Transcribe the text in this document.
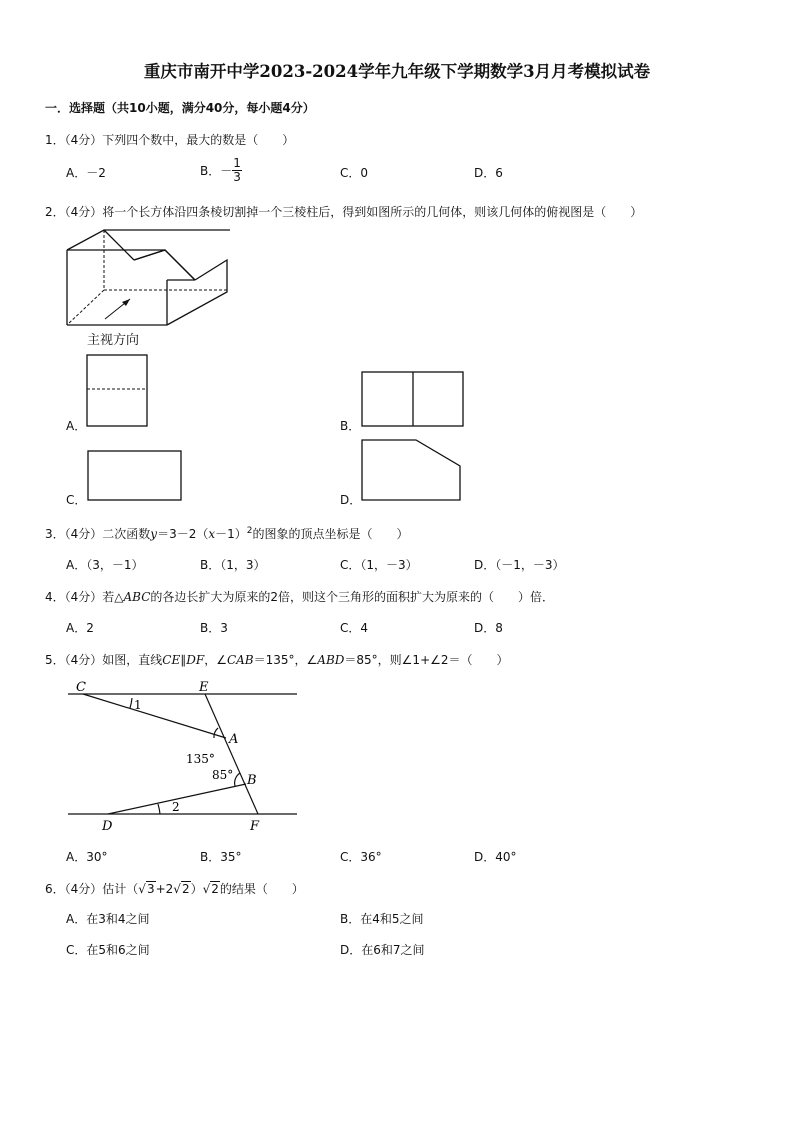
重庆市南开中学2023-2024学年九年级下学期数学3月月考模拟试卷
一．选择题（共10小题，满分40分，每小题4分）
1．（4分）下列四个数中，最大的数是（　　）
A．－2	B．－ $\frac{1}{3}$	C．0	D．6
2．（4分）将一个长方体沿四条棱切割掉一个三棱柱后，得到如图所示的几何体，则该几何体的俯视图是（　　）
主视方向
A．	B．
C．	D．
3．（4分）二次函数$y=3-2(x-1)^2$的图象的顶点坐标是（　　）
A．（3，－1）	B．（1，3）	C．（1，－3）	D．（－1，－3）
4．（4分）若△ABC的各边长扩大为原来的2倍，则这个三角形的面积扩大为原来的（　　）倍．
A．2	B．3	C．4	D．8
5．（4分）如图，直线CE∥DF，∠CAB＝135°，∠ABD＝85°，则∠1+∠2＝（　　）
C	E
A
B
D	F
1
2
135°
85°
A．30°	B．35°	C．36°	D．40°
6．（4分）估计（√3+2√2）√2的结果（　　）
A．在3和4之间	B．在4和5之间
C．在5和6之间	D．在6和7之间
